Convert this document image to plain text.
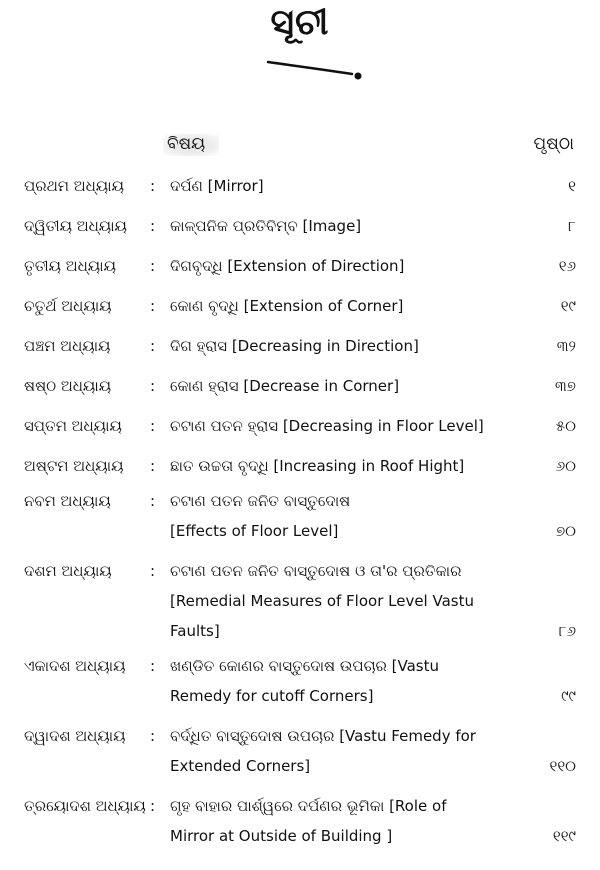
ସୂଚୀ
ବିଷୟ	ପୃଷ୍ଠା
ପ୍ରଥମ ଅଧ୍ୟାୟ : ଦର୍ପଣ [Mirror]	୧
ଦ୍ୱିତୀୟ ଅଧ୍ୟାୟ : କାଳ୍ପନିକ ପ୍ରତିବିମ୍ବ [Image]	୮
ତୃତୀୟ ଅଧ୍ୟାୟ : ଦିଗବୃଦ୍ଧି [Extension of Direction]	୧୬
ଚତୁର୍ଥ ଅଧ୍ୟାୟ	: କୋଣ ବୃଦ୍ଧି [Extension of Corner]	୧୯
ପଞ୍ଚମ ଅଧ୍ୟାୟ	: ଦିଗ ହ୍ରାସ [Decreasing in Direction]	୩୨
ଷଷ୍ଠ ଅଧ୍ୟାୟ	: କୋଣ ହ୍ରାସ [Decrease in Corner]	୩୭
ସପ୍ତମ ଅଧ୍ୟାୟ : ଚଟାଣ ପତନ ହ୍ରାସ [Decreasing in Floor Level]	୫୦
ଅଷ୍ଟମ ଅଧ୍ୟାୟ : ଛାତ ଉଚ୍ଚତା ବୃଦ୍ଧି [Increasing in Roof Hight]	୬୦
ନବମ ଅଧ୍ୟାୟ	: ଚଟାଣ ପତନ ଜନିତ ବାସ୍ତୁଦୋଷ
[Effects of Floor Level]	୭୦
ଦଶମ ଅଧ୍ୟାୟ	: ଚଟାଣ ପତନ ଜନିତ ବାସ୍ତୁଦୋଷ ଓ ତା'ର ପ୍ରତିକାର
[Remedial Measures of Floor Level Vastu
Faults]	୮୬
ଏକାଦଶ ଅଧ୍ୟାୟ : ଖଣ୍ଡିତ କୋଣର ବାସ୍ତୁଦୋଷ ଉପଚାର [Vastu
Remedy for cutoff Corners]	୯୯
ଦ୍ୱାଦଶ ଅଧ୍ୟାୟ : ବର୍ଦ୍ଧିତ ବାସ୍ତୁଦୋଷ ଉପଚାର [Vastu Femedy for
Extended Corners]	୧୧୦
ତ୍ରୟୋଦଶ ଅଧ୍ୟାୟ : ଗୃହ ବାହାର ପାର୍ଶ୍ୱରେ ଦର୍ପଣର ଭୂମିକା [Role of
Mirror at Outside of Building ]	୧୧୯
